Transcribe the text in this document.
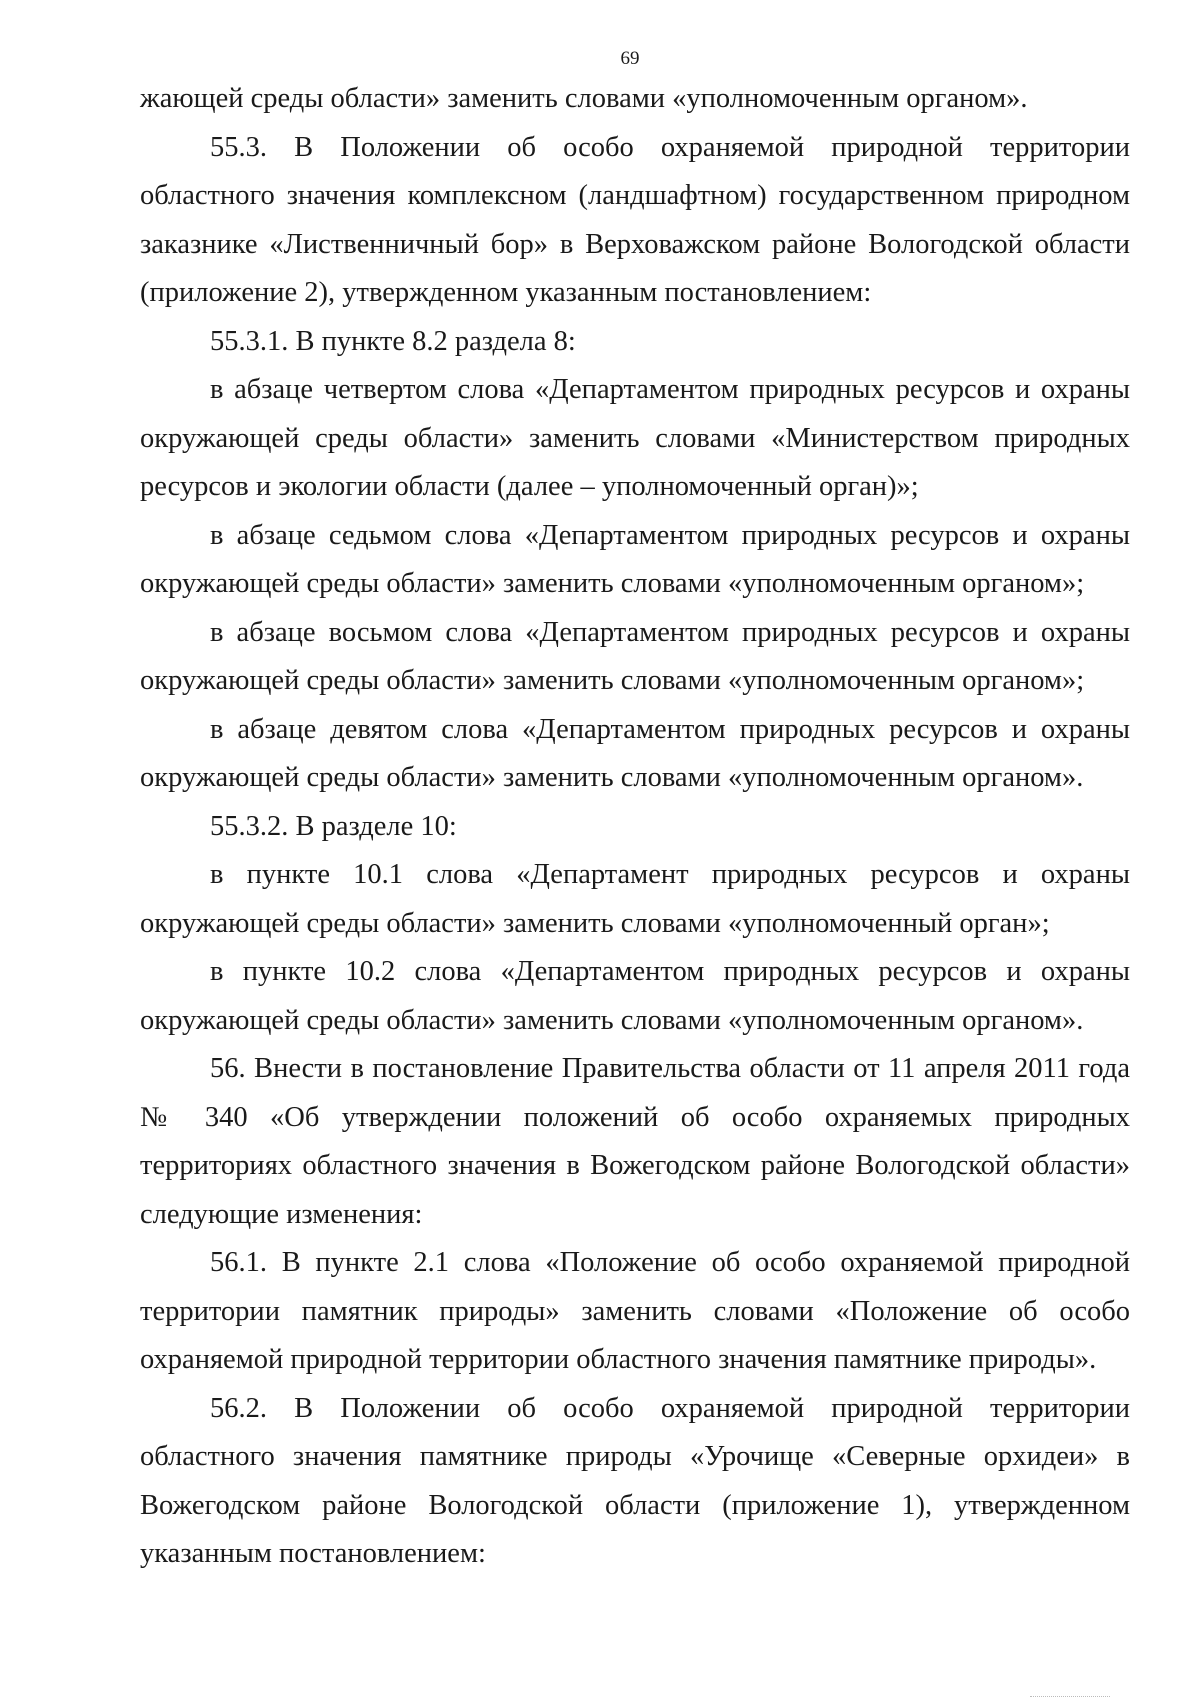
69

жающей среды области» заменить словами «уполномоченным органом».

55.3. В Положении об особо охраняемой природной территории областного значения комплексном (ландшафтном) государственном природном заказнике «Лиственничный бор» в Верховажском районе Вологодской области (приложение 2), утвержденном указанным постановлением:

55.3.1. В пункте 8.2 раздела 8:

в абзаце четвертом слова «Департаментом природных ресурсов и охраны окружающей среды области» заменить словами «Министерством природных ресурсов и экологии области (далее – уполномоченный орган)»;

в абзаце седьмом слова «Департаментом природных ресурсов и охраны окружающей среды области» заменить словами «уполномоченным органом»;

в абзаце восьмом слова «Департаментом природных ресурсов и охраны окружающей среды области» заменить словами «уполномоченным органом»;

в абзаце девятом слова «Департаментом природных ресурсов и охраны окружающей среды области» заменить словами «уполномоченным органом».

55.3.2. В разделе 10:

в пункте 10.1 слова «Департамент природных ресурсов и охраны окружающей среды области» заменить словами «уполномоченный орган»;

в пункте 10.2 слова «Департаментом природных ресурсов и охраны окружающей среды области» заменить словами «уполномоченным органом».

56. Внести в постановление Правительства области от 11 апреля 2011 года № 340 «Об утверждении положений об особо охраняемых природных территориях областного значения в Вожегодском районе Вологодской области» следующие изменения:

56.1. В пункте 2.1 слова «Положение об особо охраняемой природной территории памятник природы» заменить словами «Положение об особо охраняемой природной территории областного значения памятнике природы».

56.2. В Положении об особо охраняемой природной территории областного значения памятнике природы «Урочище «Северные орхидеи» в Вожегодском районе Вологодской области (приложение 1), утвержденном указанным постановлением:
